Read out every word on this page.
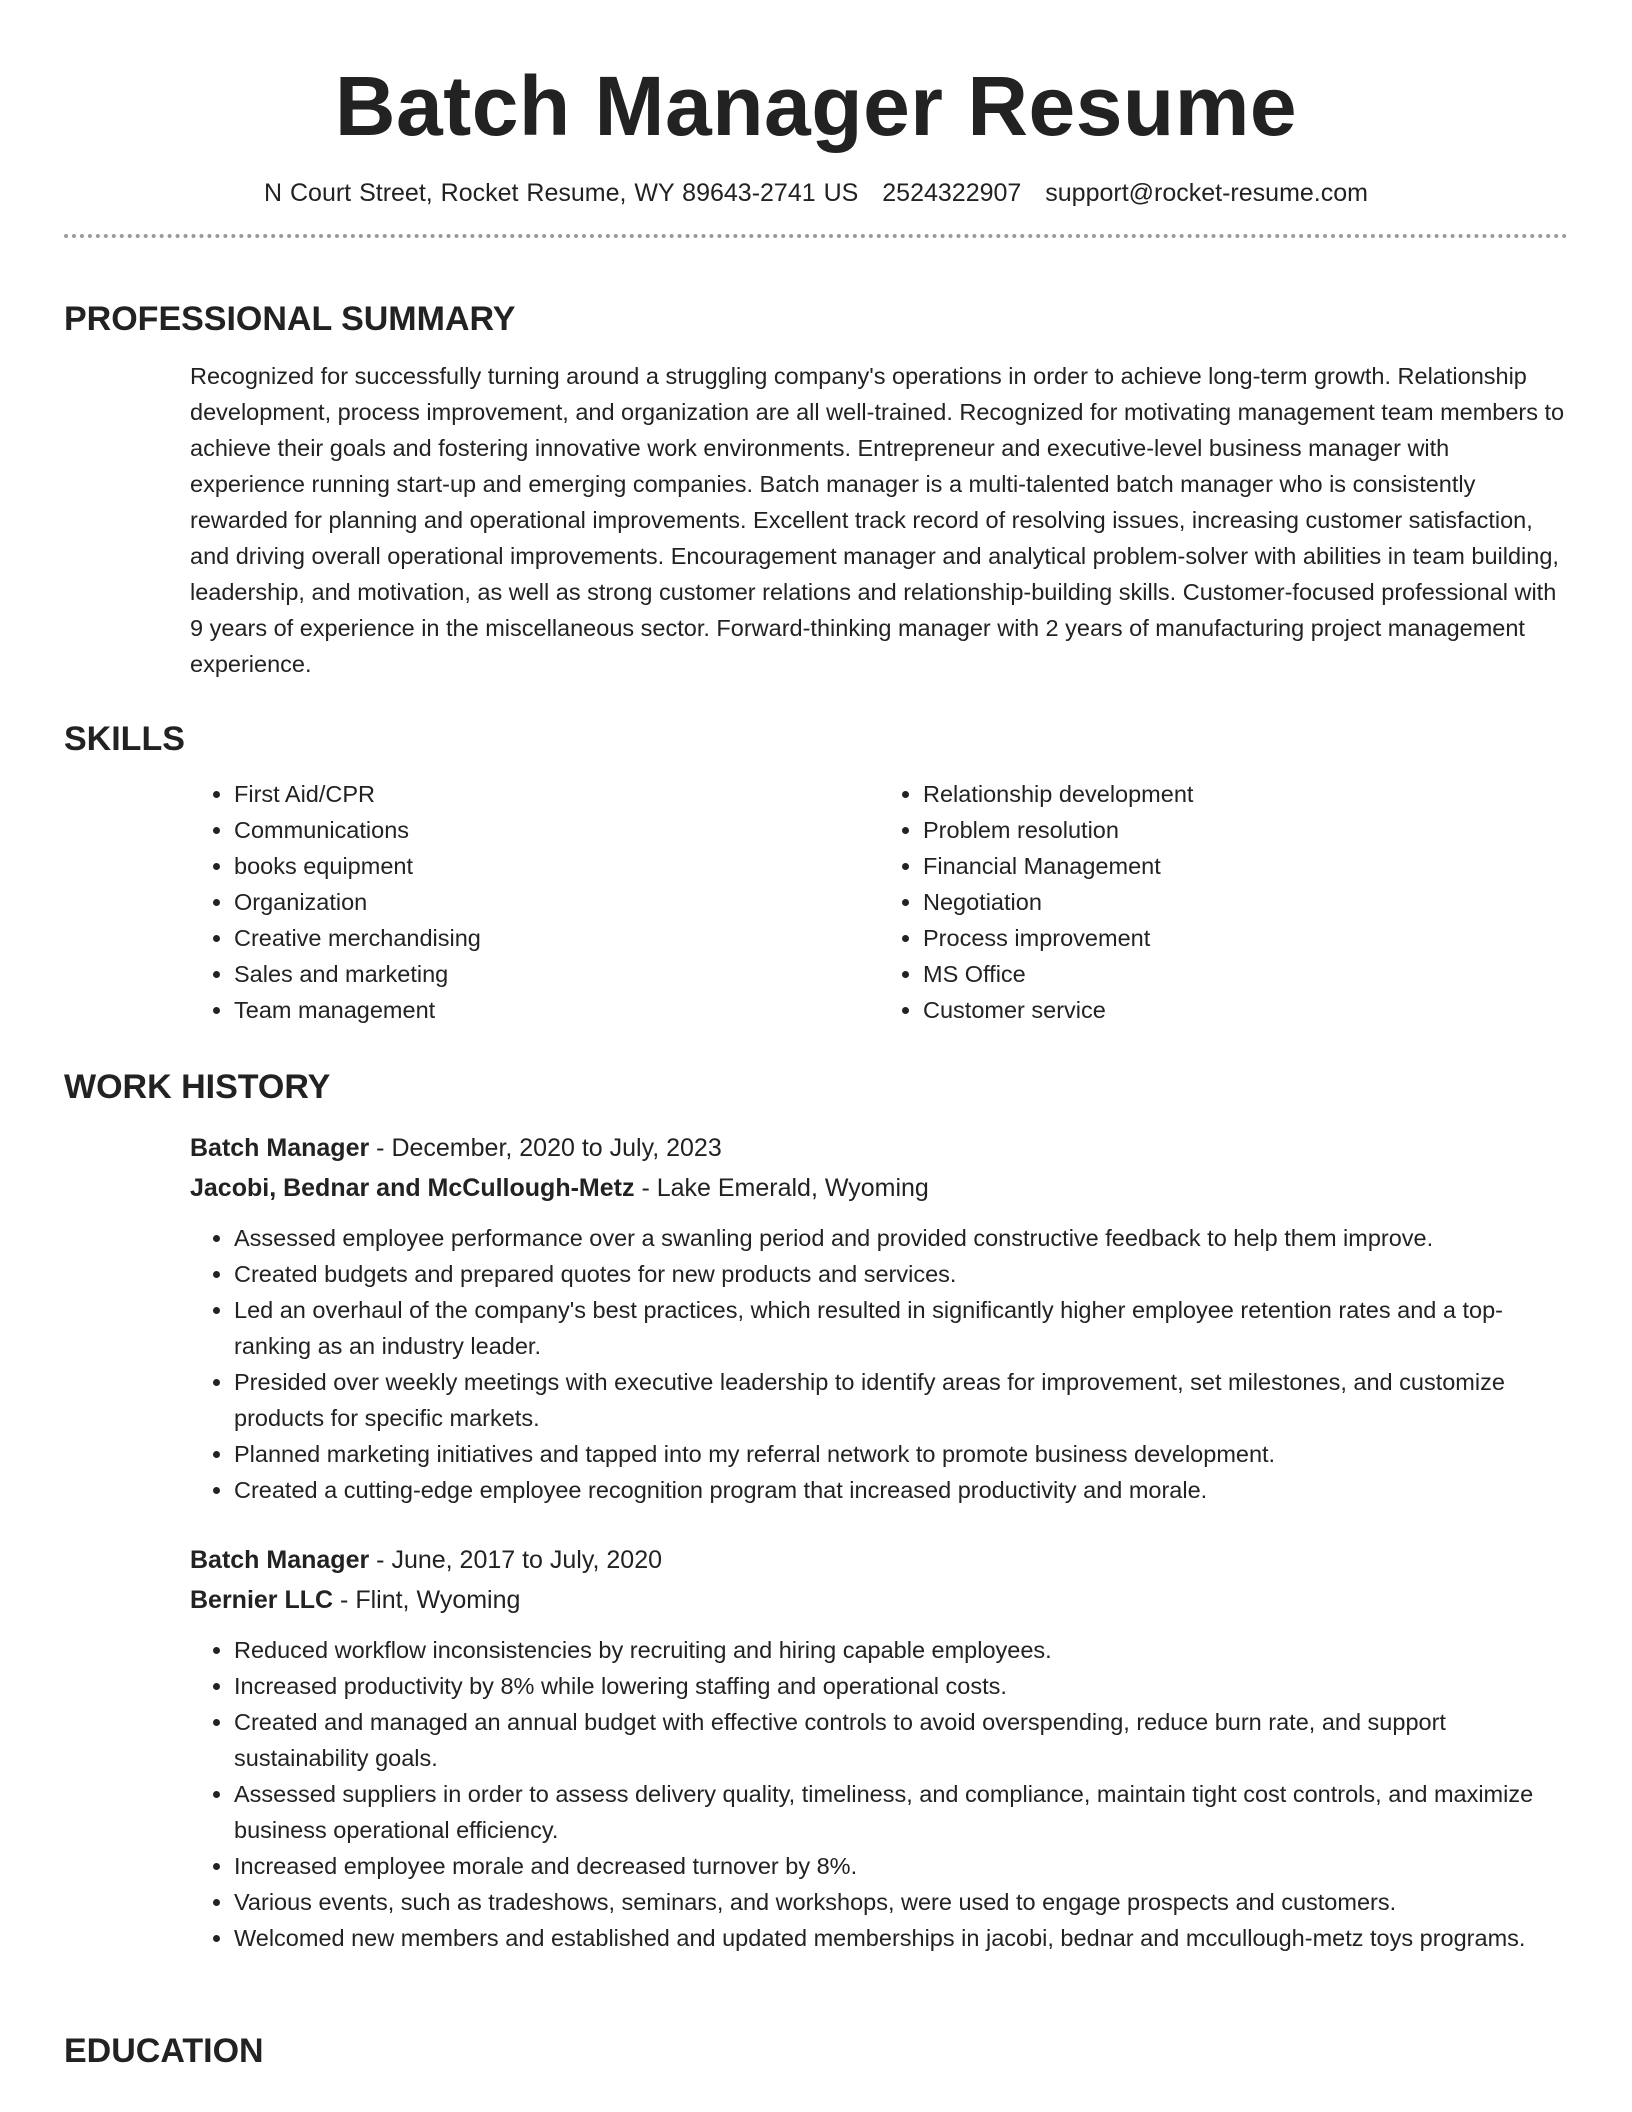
Batch Manager Resume
N Court Street, Rocket Resume, WY 89643-2741 US 2524322907 support@rocket-resume.com
PROFESSIONAL SUMMARY

Recognized for successfully turning around a struggling company's operations in order to achieve long-term growth. Relationship development, process improvement, and organization are all well-trained. Recognized for motivating management team members to achieve their goals and fostering innovative work environments. Entrepreneur and executive-level business manager with experience running start-up and emerging companies. Batch manager is a multi-talented batch manager who is consistently rewarded for planning and operational improvements. Excellent track record of resolving issues, increasing customer satisfaction, and driving overall operational improvements. Encouragement manager and analytical problem-solver with abilities in team building, leadership, and motivation, as well as strong customer relations and relationship-building skills. Customer-focused professional with 9 years of experience in the miscellaneous sector. Forward-thinking manager with 2 years of manufacturing project management experience.

SKILLS
• First Aid/CPR
• Communications
• books equipment
• Organization
• Creative merchandising
• Sales and marketing
• Team management
• Relationship development
• Problem resolution
• Financial Management
• Negotiation
• Process improvement
• MS Office
• Customer service
WORK HISTORY
Batch Manager - December, 2020 to July, 2023
Jacobi, Bednar and McCullough-Metz - Lake Emerald, Wyoming
• Assessed employee performance over a swanling period and provided constructive feedback to help them improve.
• Created budgets and prepared quotes for new products and services.
• Led an overhaul of the company's best practices, which resulted in significantly higher employee retention rates and a top-ranking as an industry leader.
• Presided over weekly meetings with executive leadership to identify areas for improvement, set milestones, and customize products for specific markets.
• Planned marketing initiatives and tapped into my referral network to promote business development.
• Created a cutting-edge employee recognition program that increased productivity and morale.
Batch Manager - June, 2017 to July, 2020
Bernier LLC - Flint, Wyoming
• Reduced workflow inconsistencies by recruiting and hiring capable employees.
• Increased productivity by 8% while lowering staffing and operational costs.
• Created and managed an annual budget with effective controls to avoid overspending, reduce burn rate, and support sustainability goals.
• Assessed suppliers in order to assess delivery quality, timeliness, and compliance, maintain tight cost controls, and maximize business operational efficiency.
• Increased employee morale and decreased turnover by 8%.
• Various events, such as tradeshows, seminars, and workshops, were used to engage prospects and customers.
• Welcomed new members and established and updated memberships in jacobi, bednar and mccullough-metz toys programs.
EDUCATION
